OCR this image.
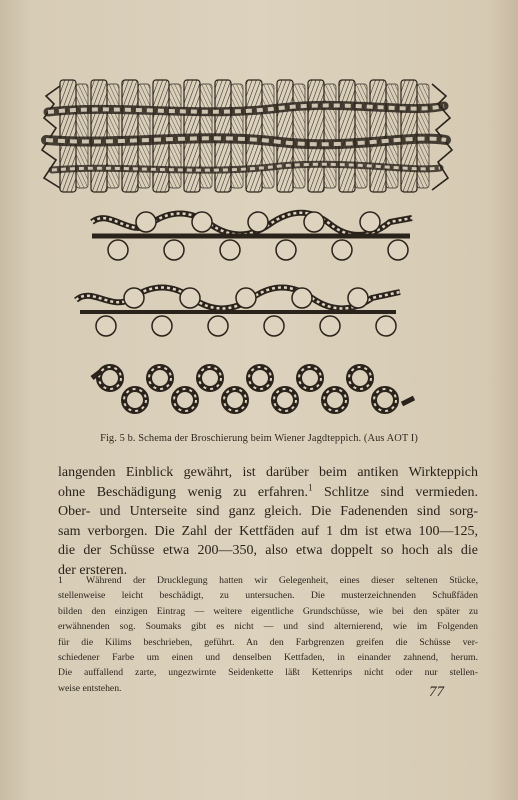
Fig. 5 b. Schema der Broschierung beim Wiener Jagdteppich. (Aus AOT I)
langenden Einblick gewährt, ist darüber beim antiken Wirkteppich
ohne Beschädigung wenig zu erfahren.$^1$ Schlitze sind vermieden.
Ober- und Unterseite sind ganz gleich. Die Fadenenden sind sorg-
sam verborgen. Die Zahl der Kettfäden auf 1 dm ist etwa 100—125,
die der Schüsse etwa 200—350, also etwa doppelt so hoch als die
der ersteren.
1 Während der Drucklegung hatten wir Gelegenheit, eines dieser seltenen Stücke,
stellenweise leicht beschädigt, zu untersuchen. Die musterzeichnenden Schußfäden
bilden den einzigen Eintrag — weitere eigentliche Grundschüsse, wie bei den später zu
erwähnenden sog. Soumaks gibt es nicht — und sind alternierend, wie im Folgenden
für die Kilims beschrieben, geführt. An den Farbgrenzen greifen die Schüsse ver-
schiedener Farbe um einen und denselben Kettfaden, in einander zahnend, herum.
Die auffallend zarte, ungezwirnte Seidenkette läßt Kettenrips nicht oder nur stellen-
weise entstehen.	77
